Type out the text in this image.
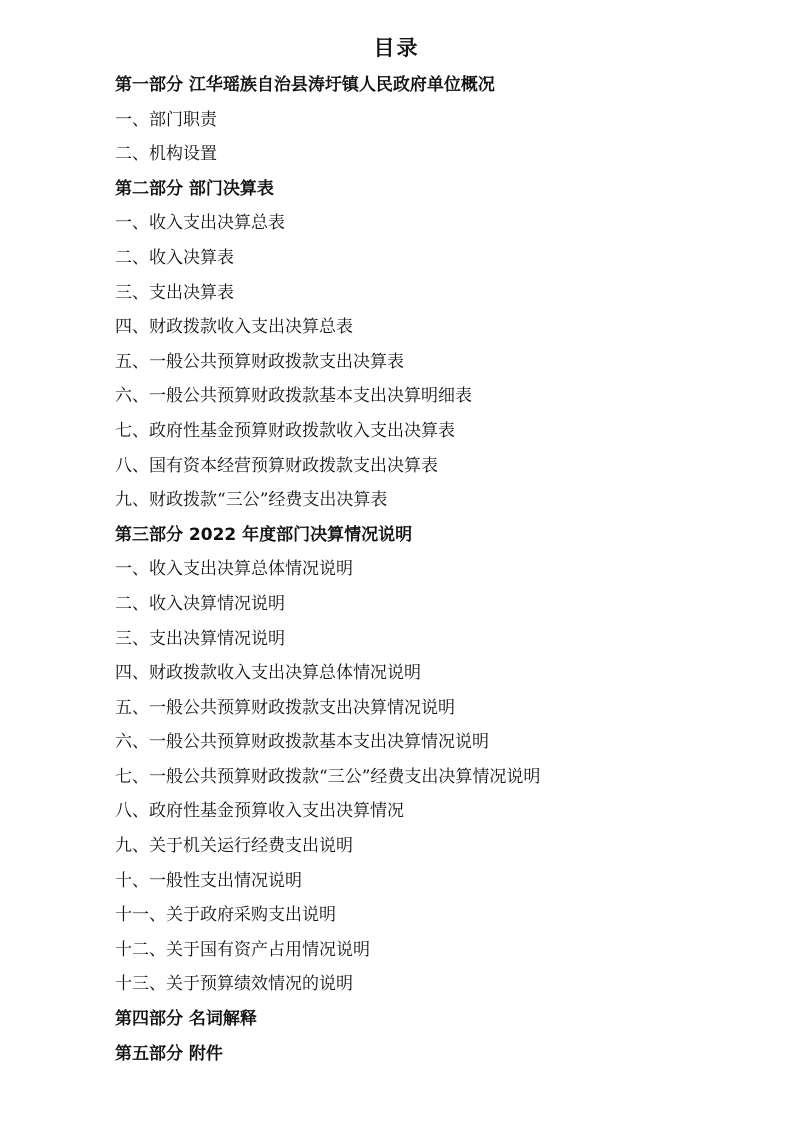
目录
第一部分 江华瑶族自治县涛圩镇人民政府单位概况
一、部门职责
二、机构设置
第二部分 部门决算表
一、收入支出决算总表
二、收入决算表
三、支出决算表
四、财政拨款收入支出决算总表
五、一般公共预算财政拨款支出决算表
六、一般公共预算财政拨款基本支出决算明细表
七、政府性基金预算财政拨款收入支出决算表
八、国有资本经营预算财政拨款支出决算表
九、财政拨款“三公”经费支出决算表
第三部分 2022 年度部门决算情况说明
一、收入支出决算总体情况说明
二、收入决算情况说明
三、支出决算情况说明
四、财政拨款收入支出决算总体情况说明
五、一般公共预算财政拨款支出决算情况说明
六、一般公共预算财政拨款基本支出决算情况说明
七、一般公共预算财政拨款“三公”经费支出决算情况说明
八、政府性基金预算收入支出决算情况
九、关于机关运行经费支出说明
十、一般性支出情况说明
十一、关于政府采购支出说明
十二、关于国有资产占用情况说明
十三、关于预算绩效情况的说明
第四部分 名词解释
第五部分 附件
